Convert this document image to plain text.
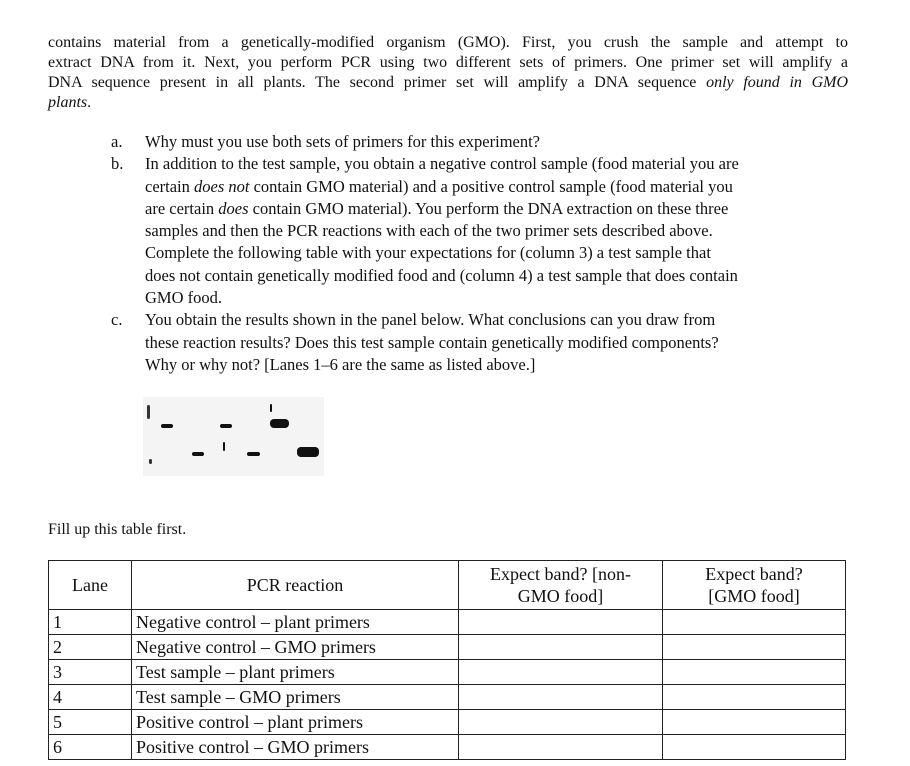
contains material from a genetically-modified organism (GMO). First, you crush the sample and attempt to
extract DNA from it. Next, you perform PCR using two different sets of primers. One primer set will amplify a
DNA sequence present in all plants. The second primer set will amplify a DNA sequence only found in GMO
plants.
a. Why must you use both sets of primers for this experiment?
b. In addition to the test sample, you obtain a negative control sample (food material you are
certain does not contain GMO material) and a positive control sample (food material you
are certain does contain GMO material). You perform the DNA extraction on these three
samples and then the PCR reactions with each of the two primer sets described above.
Complete the following table with your expectations for (column 3) a test sample that
does not contain genetically modified food and (column 4) a test sample that does contain
GMO food.
c. You obtain the results shown in the panel below. What conclusions can you draw from
these reaction results? Does this test sample contain genetically modified components?
Why or why not? [Lanes 1–6 are the same as listed above.]
Fill up this table first.
Lane	PCR reaction	Expect band? [non-
GMO food]	Expect band?
[GMO food]
1	Negative control – plant primers		
2	Negative control – GMO primers		
3	Test sample – plant primers		
4	Test sample – GMO primers		
5	Positive control – plant primers		
6	Positive control – GMO primers		
